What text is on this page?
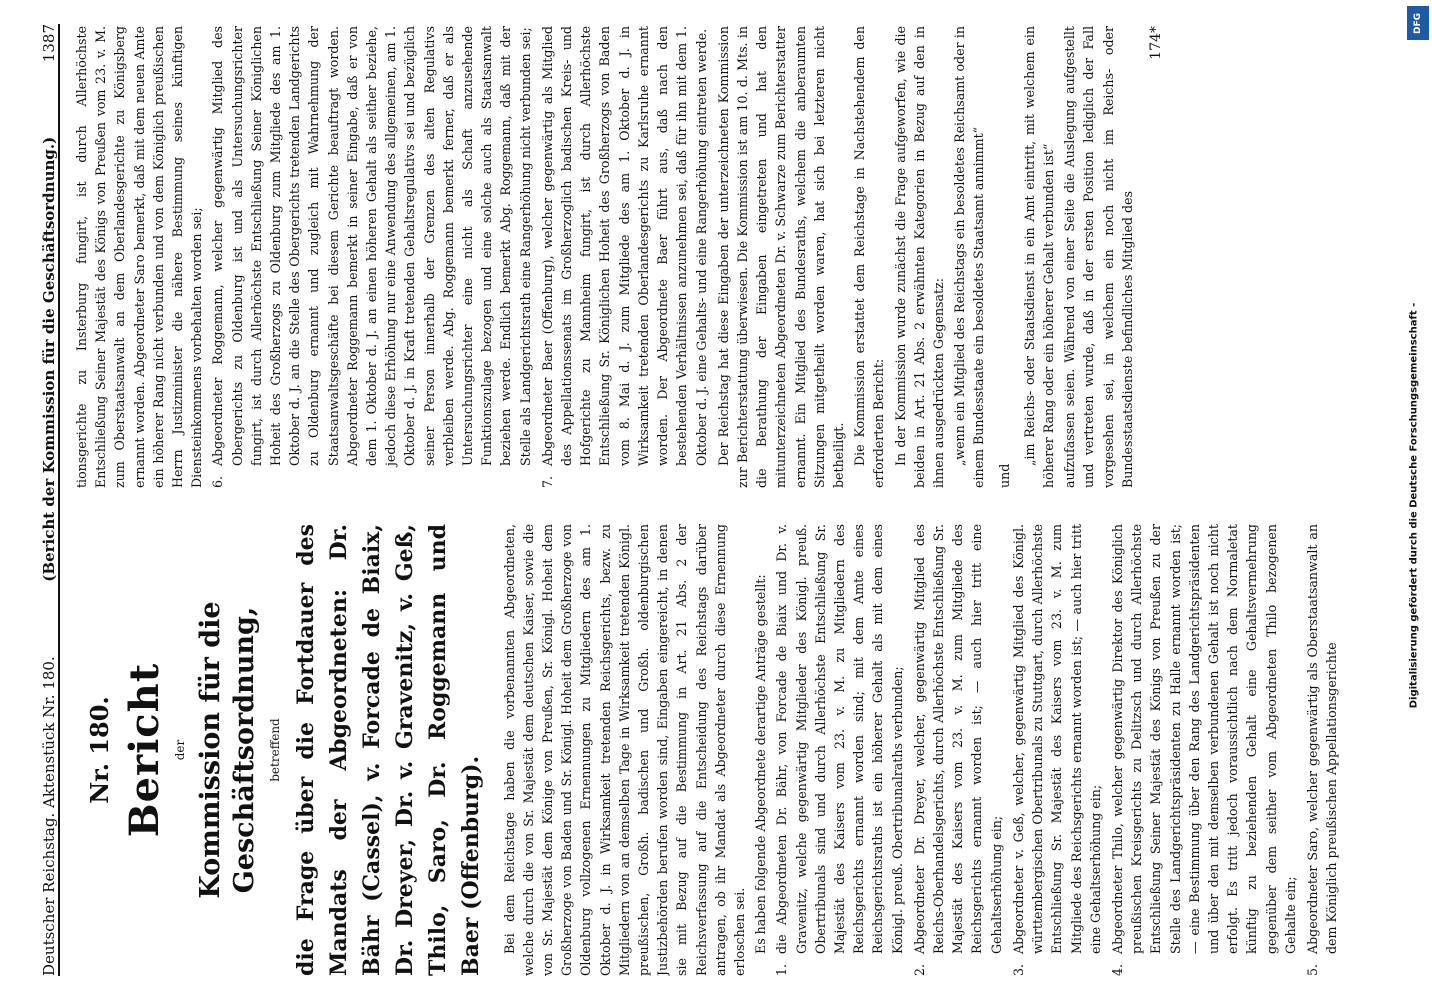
Deutscher Reichstag. Aktenstück Nr. 180.
(Bericht der Kommission für die Geschäftsordnung.)
1387
Nr. 180. Bericht der Kommission für die Geschäftsordnung, betreffend die Frage über die Fortdauer des Mandats der Abgeordneten: Dr. Bähr (Cassel), v. Forcade de Biaix, Dr. Dreyer, Dr. v. Gravenitz, v. Geß, Thilo, Saro, Dr. Roggemann und Baer (Offenburg).	Bei dem Reichstage haben die vorbenannten Abgeordneten, welche durch die von Sr. Majestät dem deutschen Kaiser, sowie die von Sr. Majestät dem Könige von Preußen, Sr. Königl. Hoheit dem Großherzoge von Baden und Sr. Königl. Hoheit dem Großherzoge von Oldenburg vollzogenen Ernennungen zu Mitgliedern des am 1. Oktober d. J. in Wirksamkeit tretenden Reichsgerichts, bezw. zu Mitgliedern von an demselben Tage in Wirksamkeit tretenden Königl. preußischen, Großh. badischen und Großh. oldenburgischen Justizbehörden berufen worden sind, Eingaben eingereicht, in denen sie mit Bezug auf die Bestimmung in Art. 21 Abs. 2 der Reichsverfassung auf die Entscheidung des Reichstags darüber antragen, ob ihr Mandat als Abgeordneter durch diese Ernennung erloschen sei. Es haben folgende Abgeordnete derartige Anträge gestellt:

1.
die Abgeordneten Dr. Bähr, von Forcade de Biaix und Dr. v. Gravenitz, welche gegenwärtig Mitglieder des Königl. preuß. Obertribunals sind und durch Allerhöchste Entschließung Sr. Majestät des Kaisers vom 23. v. M. zu Mitgliedern des Reichsgerichts ernannt worden sind; mit dem Amte eines Reichsgerichtsraths ist ein höherer Gehalt als mit dem eines Königl. preuß. Obertribunalraths verbunden;
2.
Abgeordneter Dr. Dreyer, welcher, gegenwärtig Mitglied des Reichs-Oberhandelsgerichts, durch Allerhöchste Entschließung Sr. Majestät des Kaisers vom 23. v. M. zum Mitgliede des Reichsgerichts ernannt worden ist; — auch hier tritt eine Gehaltserhöhung ein;
3.
Abgeordneter v. Geß, welcher, gegenwärtig Mitglied des Königl. württembergischen Obertribunals zu Stuttgart, durch Allerhöchste Entschließung Sr. Majestät des Kaisers vom 23. v. M. zum Mitgliede des Reichsgerichts ernannt worden ist; — auch hier tritt eine Gehaltserhöhung ein;
4.
Abgeordneter Thilo, welcher gegenwärtig Direktor des Königlich preußischen Kreisgerichts zu Delitzsch und durch Allerhöchste Entschließung Seiner Majestät des Königs von Preußen zu der Stelle des Landgerichtspräsidenten zu Halle ernannt worden ist; — eine Bestimmung über den Rang des Landgerichtspräsidenten und über den mit demselben verbundenen Gehalt ist noch nicht erfolgt. Es tritt jedoch voraussichtlich nach dem Normaletat künftig zu beziehenden Gehalt eine Gehaltsvermehrung gegenüber dem seither vom Abgeordneten Thilo bezogenen Gehalte ein;
5.
Abgeordneter Saro, welcher gegenwärtig als Oberstaatsanwalt an dem Königlich preußischen Appellationsgerichte

tionsgerichte zu Insterburg fungirt, ist durch Allerhöchste Entschließung Seiner Majestät des Königs von Preußen vom 23. v. M. zum Oberstaatsanwalt an dem Oberlandesgerichte zu Königsberg ernannt worden. Abgeordneter Saro bemerkt, daß mit dem neuen Amte ein höherer Rang nicht verbunden und von dem Königlich preußischen Herrn Justizminister die nähere Bestimmung seines künftigen Diensteinkommens vorbehalten worden sei; 6.
Abgeordneter Roggemann, welcher gegenwärtig Mitglied des Obergerichts zu Oldenburg ist und als Untersuchungsrichter fungirt, ist durch Allerhöchste Entschließung Seiner Königlichen Hoheit des Großherzogs zu Oldenburg zum Mitgliede des am 1. Oktober d. J. an die Stelle des Obergerichts tretenden Landgerichts zu Oldenburg ernannt und zugleich mit Wahrnehmung der Staatsanwaltsgeschäfte bei diesem Gerichte beauftragt worden. Abgeordneter Roggemann bemerkt in seiner Eingabe, daß er von dem 1. Oktober d. J. an einen höheren Gehalt als seither beziehe, jedoch diese Erhöhung nur eine Anwendung des allgemeinen, am 1. Oktober d. J. in Kraft tretenden Gehaltsregulativs sei und bezüglich seiner Person innerhalb der Grenzen des alten Regulativs verbleiben werde. Abg. Roggemann bemerkt ferner, daß er als Untersuchungsrichter eine nicht als Schaft anzusehende Funktionszulage bezogen und eine solche auch als Staatsanwalt beziehen werde. Endlich bemerkt Abg. Roggemann, daß mit der Stelle als Landgerichtsrath eine Rangerhöhung nicht verbunden sei;
7.
Abgeordneter Baer (Offenburg), welcher gegenwärtig als Mitglied des Appellationssenats im Großherzoglich badischen Kreis- und Hofgerichte zu Mannheim fungirt, ist durch Allerhöchste Entschließung Sr. Königlichen Hoheit des Großherzogs von Baden vom 8. Mai d. J. zum Mitgliede des am 1. Oktober d. J. in Wirksamkeit tretenden Oberlandesgerichts zu Karlsruhe ernannt worden. Der Abgeordnete Baer führt aus, daß nach den bestehenden Verhältnissen anzunehmen sei, daß für ihn mit dem 1. Oktober d. J. eine Gehalts- und eine Rangerhöhung eintreten werde. Der Reichstag hat diese Eingaben der unterzeichneten Kommission zur Berichterstattung überwiesen. Die Kommission ist am 10. d. Mts. in die Berathung der Eingaben eingetreten und hat den mitunterzeichneten Abgeordneten Dr. v. Schwarze zum Berichterstatter ernannt. Ein Mitglied des Bundesraths, welchem die anberaumten Sitzungen mitgetheilt worden waren, hat sich bei letzteren nicht betheiligt. Die Kommission erstattet dem Reichstage in Nachstehendem den erforderten Bericht: In der Kommission wurde zunächst die Frage aufgeworfen, wie die beiden in Art. 21 Abs. 2 erwähnten Kategorien in Bezug auf den in ihnen ausgedrückten Gegensatz: „wenn ein Mitglied des Reichstags ein besoldetes Reichsamt oder in einem Bundesstaate ein besoldetes Staatsamt annimmt“ und

„im Reichs- oder Staatsdienst in ein Amt eintritt, mit welchem ein höherer Rang oder ein höherer Gehalt verbunden ist“ aufzufassen seien. Während von einer Seite die Auslegung aufgestellt und vertreten wurde, daß in der ersten Position lediglich der Fall vorgesehen sei, in welchem ein noch nicht im Reichs- oder Bundesstaatsdienste befindliches Mitglied des

174*
Digitalisierung gefördert durch die Deutsche Forschungsgemeinschaft -
DFG
